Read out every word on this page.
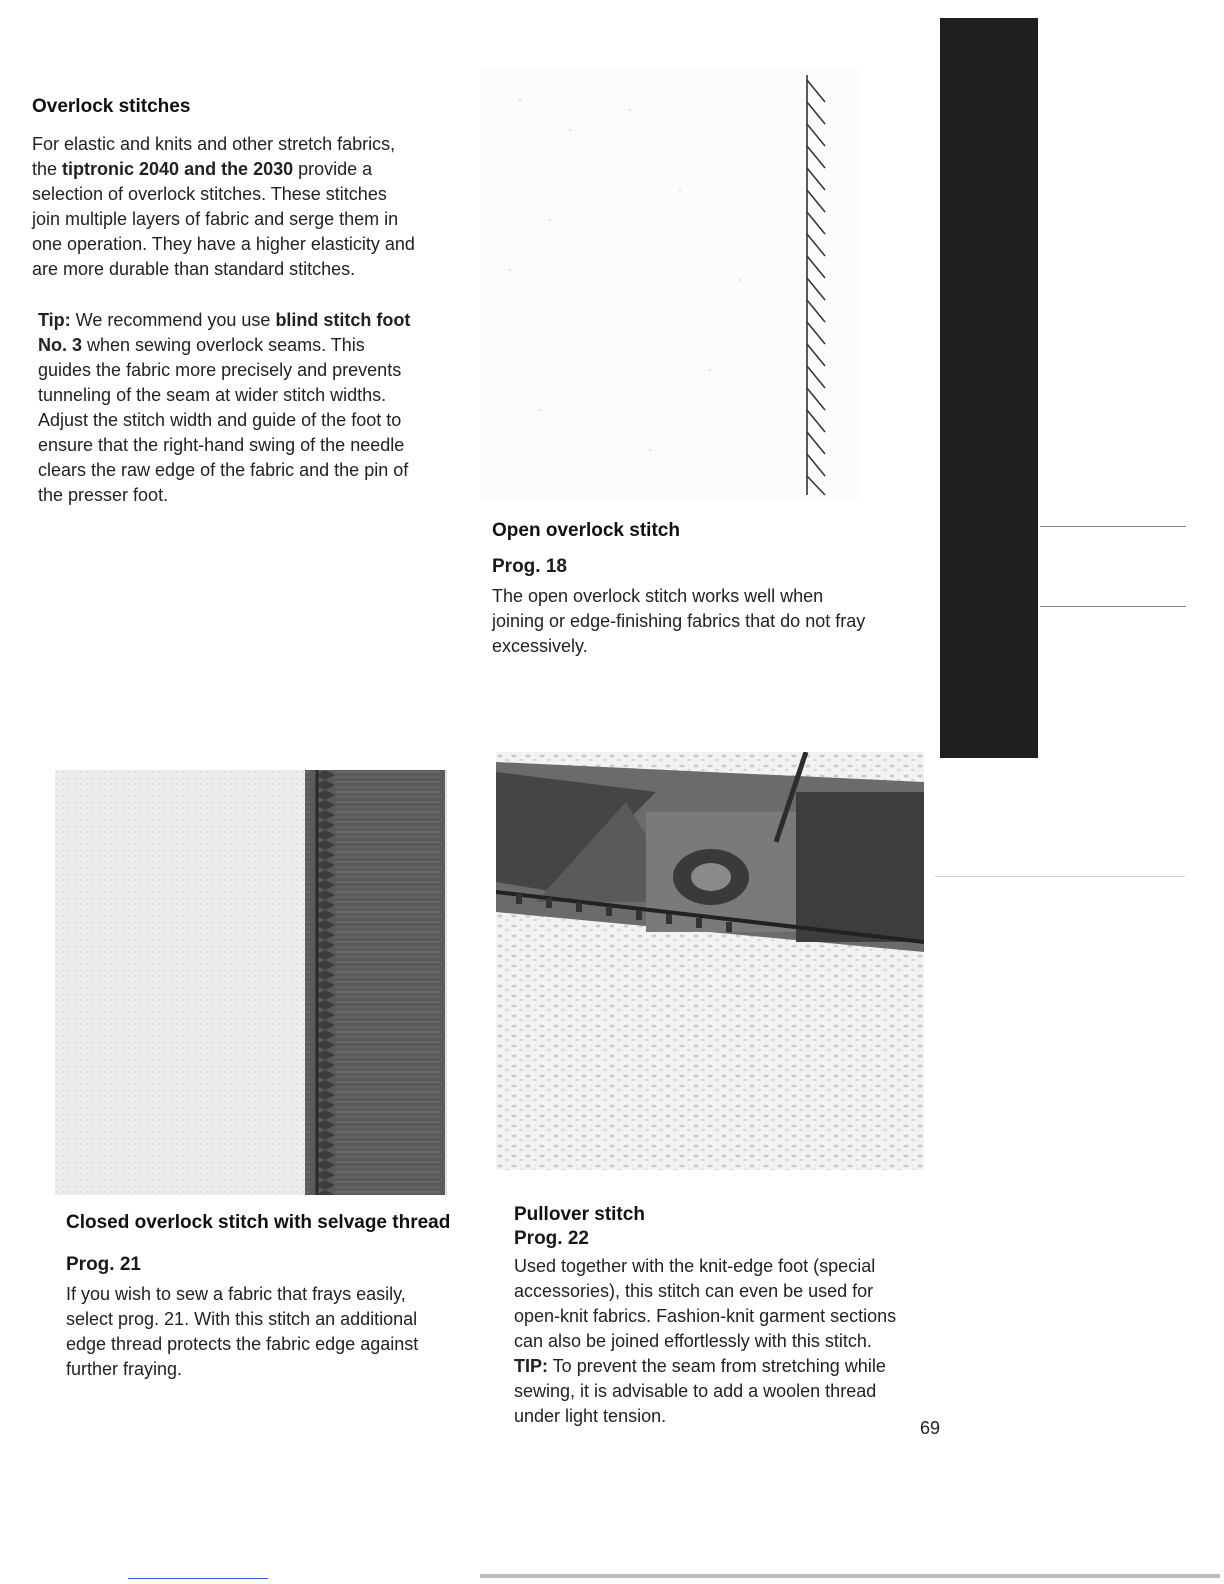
Overlock stitches

For elastic and knits and other stretch fabrics,

the tiptronic 2040 and the 2030 provide a

selection of overlock stitches. These stitches

join multiple layers of fabric and serge them in

one operation. They have a higher elasticity and

are more durable than standard stitches.

Tip: We recommend you use blind stitch foot

No. 3 when sewing overlock seams. This

guides the fabric more precisely and prevents

tunneling of the seam at wider stitch widths.

Adjust the stitch width and guide of the foot to

ensure that the right-hand swing of the needle

clears the raw edge of the fabric and the pin of

the presser foot.

Open overlock stitch
Prog. 18

The open overlock stitch works well when

joining or edge-finishing fabrics that do not fray

excessively.

Closed overlock stitch with selvage thread
Prog. 21

If you wish to sew a fabric that frays easily,

select prog. 21. With this stitch an additional

edge thread protects the fabric edge against

further fraying.

Pullover stitch
Prog. 22

Used together with the knit-edge foot (special

accessories), this stitch can even be used for

open-knit fabrics. Fashion-knit garment sections

can also be joined effortlessly with this stitch.

TIP: To prevent the seam from stretching while

sewing, it is advisable to add a woolen thread

under light tension.

69
